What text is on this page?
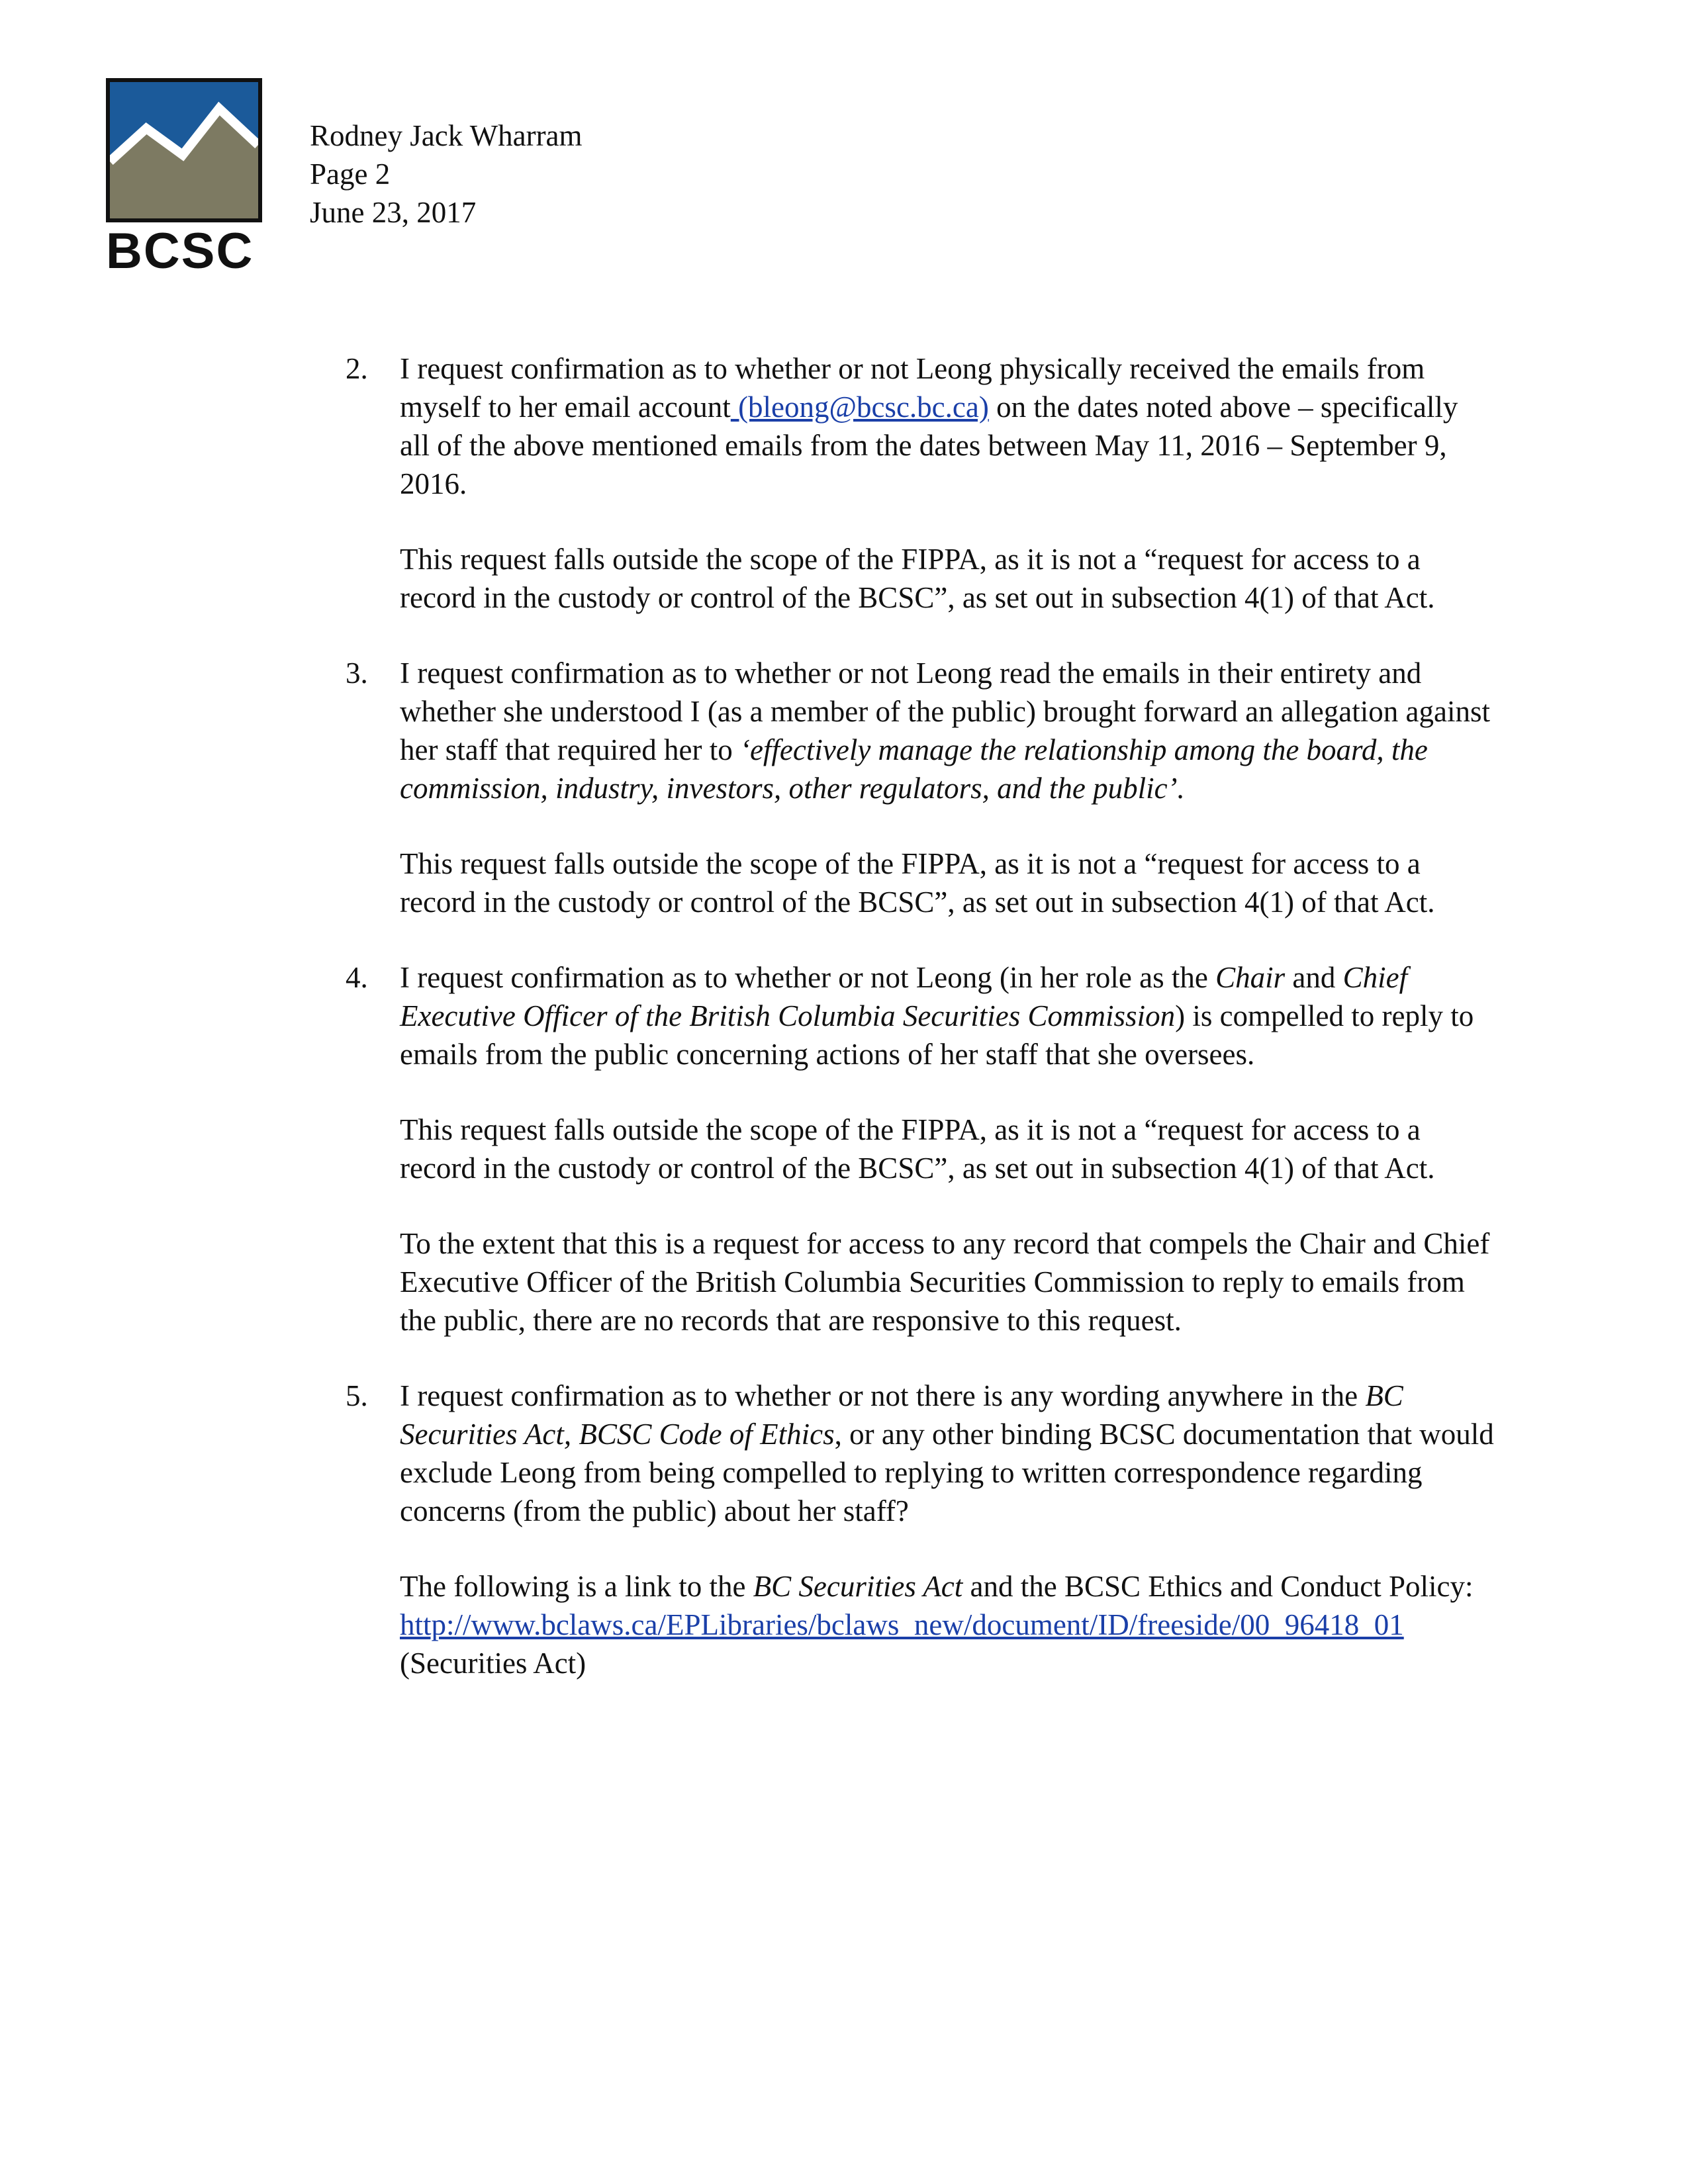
BCSC
Rodney Jack Wharram
Page 2
June 23, 2017
2. I request confirmation as to whether or not Leong physically received the emails from myself to her email account (bleong@bcsc.bc.ca) on the dates noted above – specifically all of the above mentioned emails from the dates between May 11, 2016 – September 9, 2016.

This request falls outside the scope of the FIPPA, as it is not a “request for access to a record in the custody or control of the BCSC”, as set out in subsection 4(1) of that Act.

3. I request confirmation as to whether or not Leong read the emails in their entirety and whether she understood I (as a member of the public) brought forward an allegation against her staff that required her to ‘effectively manage the relationship among the board, the commission, industry, investors, other regulators, and the public’.

This request falls outside the scope of the FIPPA, as it is not a “request for access to a record in the custody or control of the BCSC”, as set out in subsection 4(1) of that Act.

4. I request confirmation as to whether or not Leong (in her role as the Chair and Chief Executive Officer of the British Columbia Securities Commission) is compelled to reply to emails from the public concerning actions of her staff that she oversees.

This request falls outside the scope of the FIPPA, as it is not a “request for access to a record in the custody or control of the BCSC”, as set out in subsection 4(1) of that Act.

To the extent that this is a request for access to any record that compels the Chair and Chief Executive Officer of the British Columbia Securities Commission to reply to emails from the public, there are no records that are responsive to this request.

5. I request confirmation as to whether or not there is any wording anywhere in the BC Securities Act, BCSC Code of Ethics, or any other binding BCSC documentation that would exclude Leong from being compelled to replying to written correspondence regarding concerns (from the public) about her staff?

The following is a link to the BC Securities Act and the BCSC Ethics and Conduct Policy:
http://www.bclaws.ca/EPLibraries/bclaws_new/document/ID/freeside/00_96418_01
(Securities Act)
